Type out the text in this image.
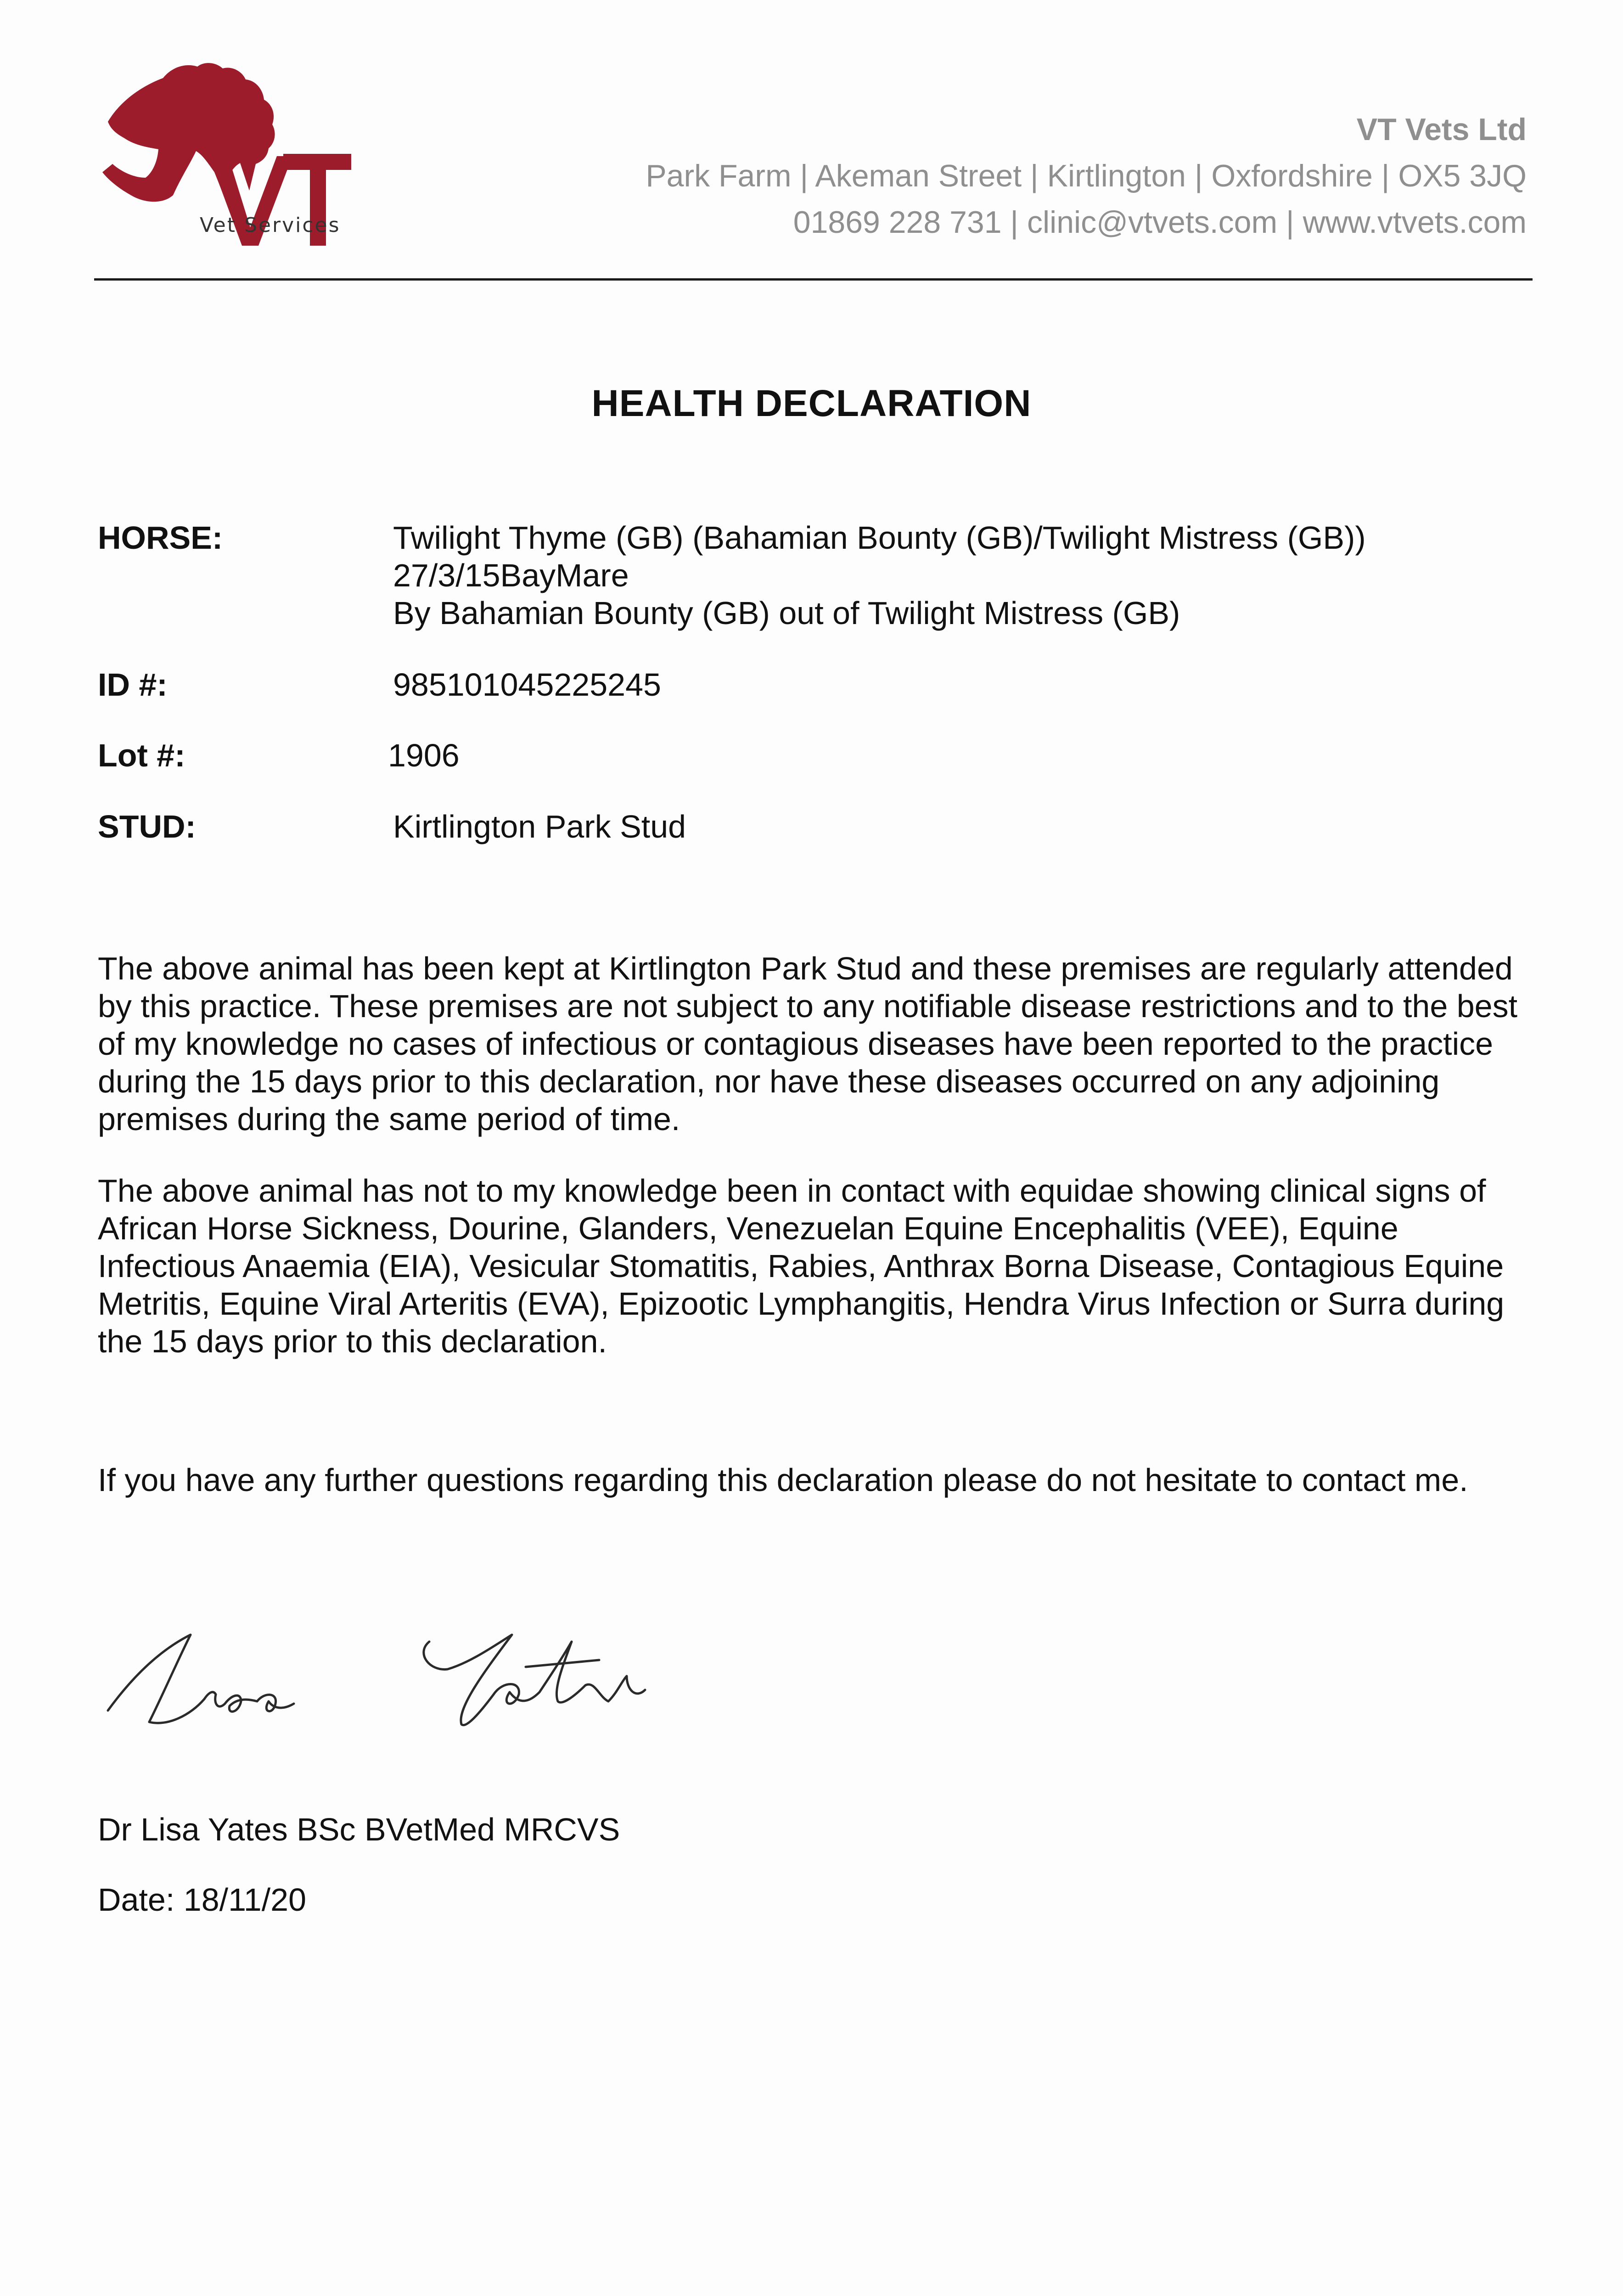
Vet Services
VT Vets Ltd
Park Farm | Akeman Street | Kirtlington | Oxfordshire | OX5 3JQ
01869 228 731 | clinic@vtvets.com | www.vtvets.com
HEALTH DECLARATION
HORSE:	Twilight Thyme (GB) (Bahamian Bounty (GB)/Twilight Mistress (GB))
27/3/15BayMare
By Bahamian Bounty (GB) out of Twilight Mistress (GB)
ID #:	985101045225245
Lot #:	1906
STUD:	Kirtlington Park Stud

The above animal has been kept at Kirtlington Park Stud and these premises are regularly attended by this practice. These premises are not subject to any notifiable disease restrictions and to the best of my knowledge no cases of infectious or contagious diseases have been reported to the practice during the 15 days prior to this declaration, nor have these diseases occurred on any adjoining premises during the same period of time.

The above animal has not to my knowledge been in contact with equidae showing clinical signs of African Horse Sickness, Dourine, Glanders, Venezuelan Equine Encephalitis (VEE), Equine Infectious Anaemia (EIA), Vesicular Stomatitis, Rabies, Anthrax Borna Disease, Contagious Equine Metritis, Equine Viral Arteritis (EVA), Epizootic Lymphangitis, Hendra Virus Infection or Surra during the 15 days prior to this declaration.

If you have any further questions regarding this declaration please do not hesitate to contact me.

Dr Lisa Yates BSc BVetMed MRCVS
Date: 18/11/20
